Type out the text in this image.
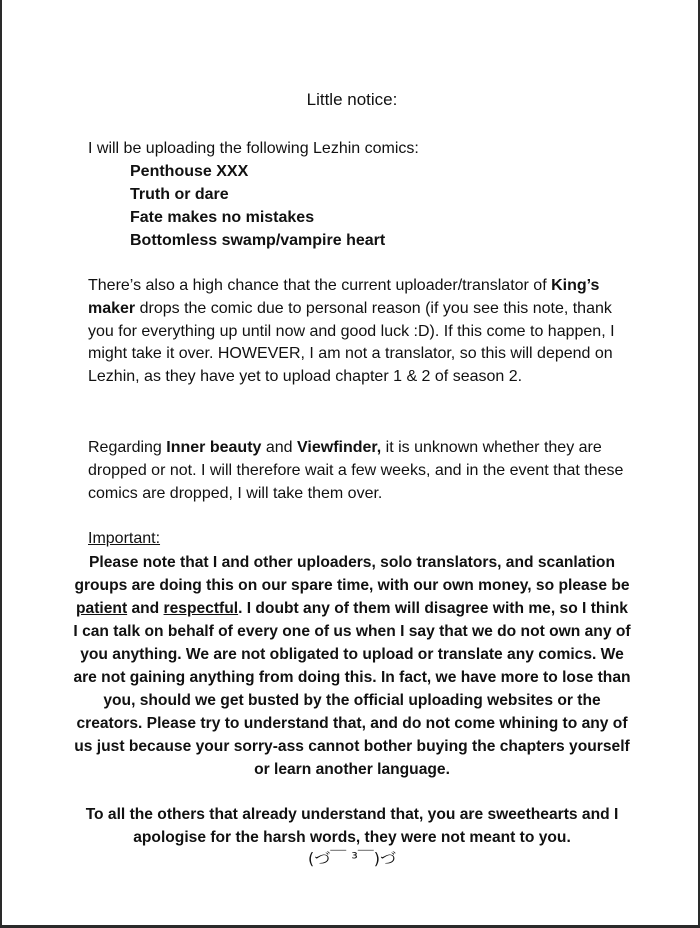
Little notice:
I will be uploading the following Lezhin comics:
Penthouse XXX
Truth or dare
Fate makes no mistakes
Bottomless swamp/vampire heart
There’s also a high chance that the current uploader/translator of King’s maker drops the comic due to personal reason (if you see this note, thank you for everything up until now and good luck :D). If this come to happen, I might take it over. HOWEVER, I am not a translator, so this will depend on Lezhin, as they have yet to upload chapter 1 & 2 of season 2.
Regarding Inner beauty and Viewfinder, it is unknown whether they are dropped or not. I will therefore wait a few weeks, and in the event that these comics are dropped, I will take them over.
Important:
Please note that I and other uploaders, solo translators, and scanlation groups are doing this on our spare time, with our own money, so please be patient and respectful. I doubt any of them will disagree with me, so I think I can talk on behalf of every one of us when I say that we do not own any of you anything. We are not obligated to upload or translate any comics. We are not gaining anything from doing this. In fact, we have more to lose than you, should we get busted by the official uploading websites or the creators. Please try to understand that, and do not come whining to any of us just because your sorry-ass cannot bother buying the chapters yourself or learn another language.
To all the others that already understand that, you are sweethearts and I apologise for the harsh words, they were not meant to you.
(づ￣ ³￣)づ
